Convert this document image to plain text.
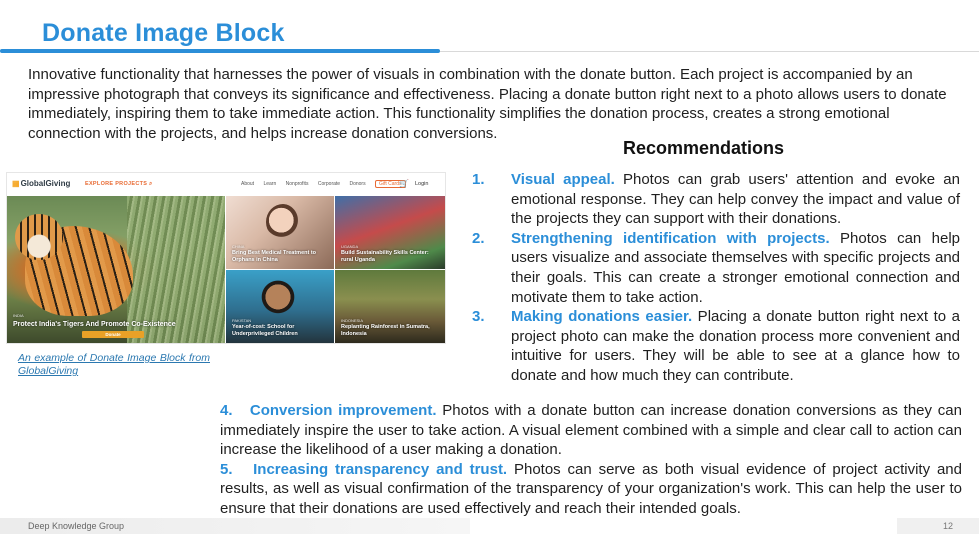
Donate Image Block
Innovative functionality that harnesses the power of visuals in combination with the donate button. Each project is accompanied by an impressive photograph that conveys its significance and effectiveness. Placing a donate button right next to a photo allows users to donate immediately, inspiring them to take immediate action. This functionality simplifies the donation process, creates a strong emotional connection with the projects, and helps increase donation conversions.
Recommendations
▦GlobalGiving	EXPLORE PROJECTS ⌕	About Learn Nonprofits Corporate Donors	Gift Cards
🛒 Login
INDIA
Protect India's Tigers And Promote Co-Existence
Donate
CHINA
Bring Best Medical Treatment to Orphans in China
UGANDA
Build Sustainability Skills Center: rural Uganda
PAKISTAN
Year-of-cost: School for Underprivileged Children
INDONESIA
Replanting Rainforest in Sumatra, Indonesia
An example of Donate Image Block from GlobalGiving
1.	Visual appeal. Photos can grab users' attention and evoke an emotional response. They can help convey the impact and value of the projects they can support with their donations.
2.	Strengthening identification with projects. Photos can help users visualize and associate themselves with specific projects and their goals. This can create a stronger emotional connection and motivate them to take action.
3.	Making donations easier. Placing a donate button right next to a project photo can make the donation process more convenient and intuitive for users. They will be able to see at a glance how to donate and how much they can contribute.
4. Conversion improvement. Photos with a donate button can increase donation conversions as they can immediately inspire the user to take action. A visual element combined with a simple and clear call to action can increase the likelihood of a user making a donation.
5. Increasing transparency and trust. Photos can serve as both visual evidence of project activity and results, as well as visual confirmation of the transparency of your organization's work. This can help the user to ensure that their donations are used effectively and reach their intended goals.
Deep Knowledge Group	12
